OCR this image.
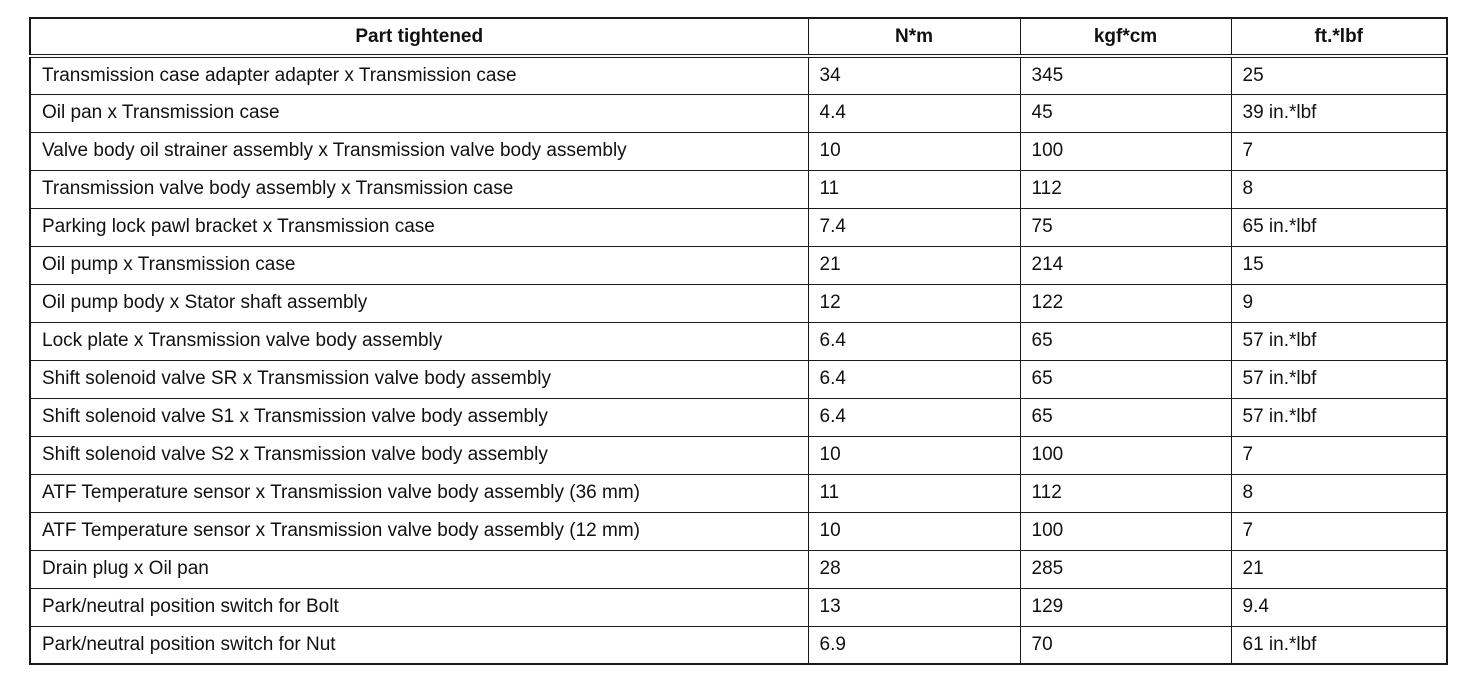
Part tightened	N*m	kgf*cm	ft.*lbf
Transmission case adapter adapter x Transmission case	34	345	25
Oil pan x Transmission case	4.4	45	39 in.*lbf
Valve body oil strainer assembly x Transmission valve body assembly	10	100	7
Transmission valve body assembly x Transmission case	11	112	8
Parking lock pawl bracket x Transmission case	7.4	75	65 in.*lbf
Oil pump x Transmission case	21	214	15
Oil pump body x Stator shaft assembly	12	122	9
Lock plate x Transmission valve body assembly	6.4	65	57 in.*lbf
Shift solenoid valve SR x Transmission valve body assembly	6.4	65	57 in.*lbf
Shift solenoid valve S1 x Transmission valve body assembly	6.4	65	57 in.*lbf
Shift solenoid valve S2 x Transmission valve body assembly	10	100	7
ATF Temperature sensor x Transmission valve body assembly (36 mm)	11	112	8
ATF Temperature sensor x Transmission valve body assembly (12 mm)	10	100	7
Drain plug x Oil pan	28	285	21
Park/neutral position switch for Bolt	13	129	9.4
Park/neutral position switch for Nut	6.9	70	61 in.*lbf
